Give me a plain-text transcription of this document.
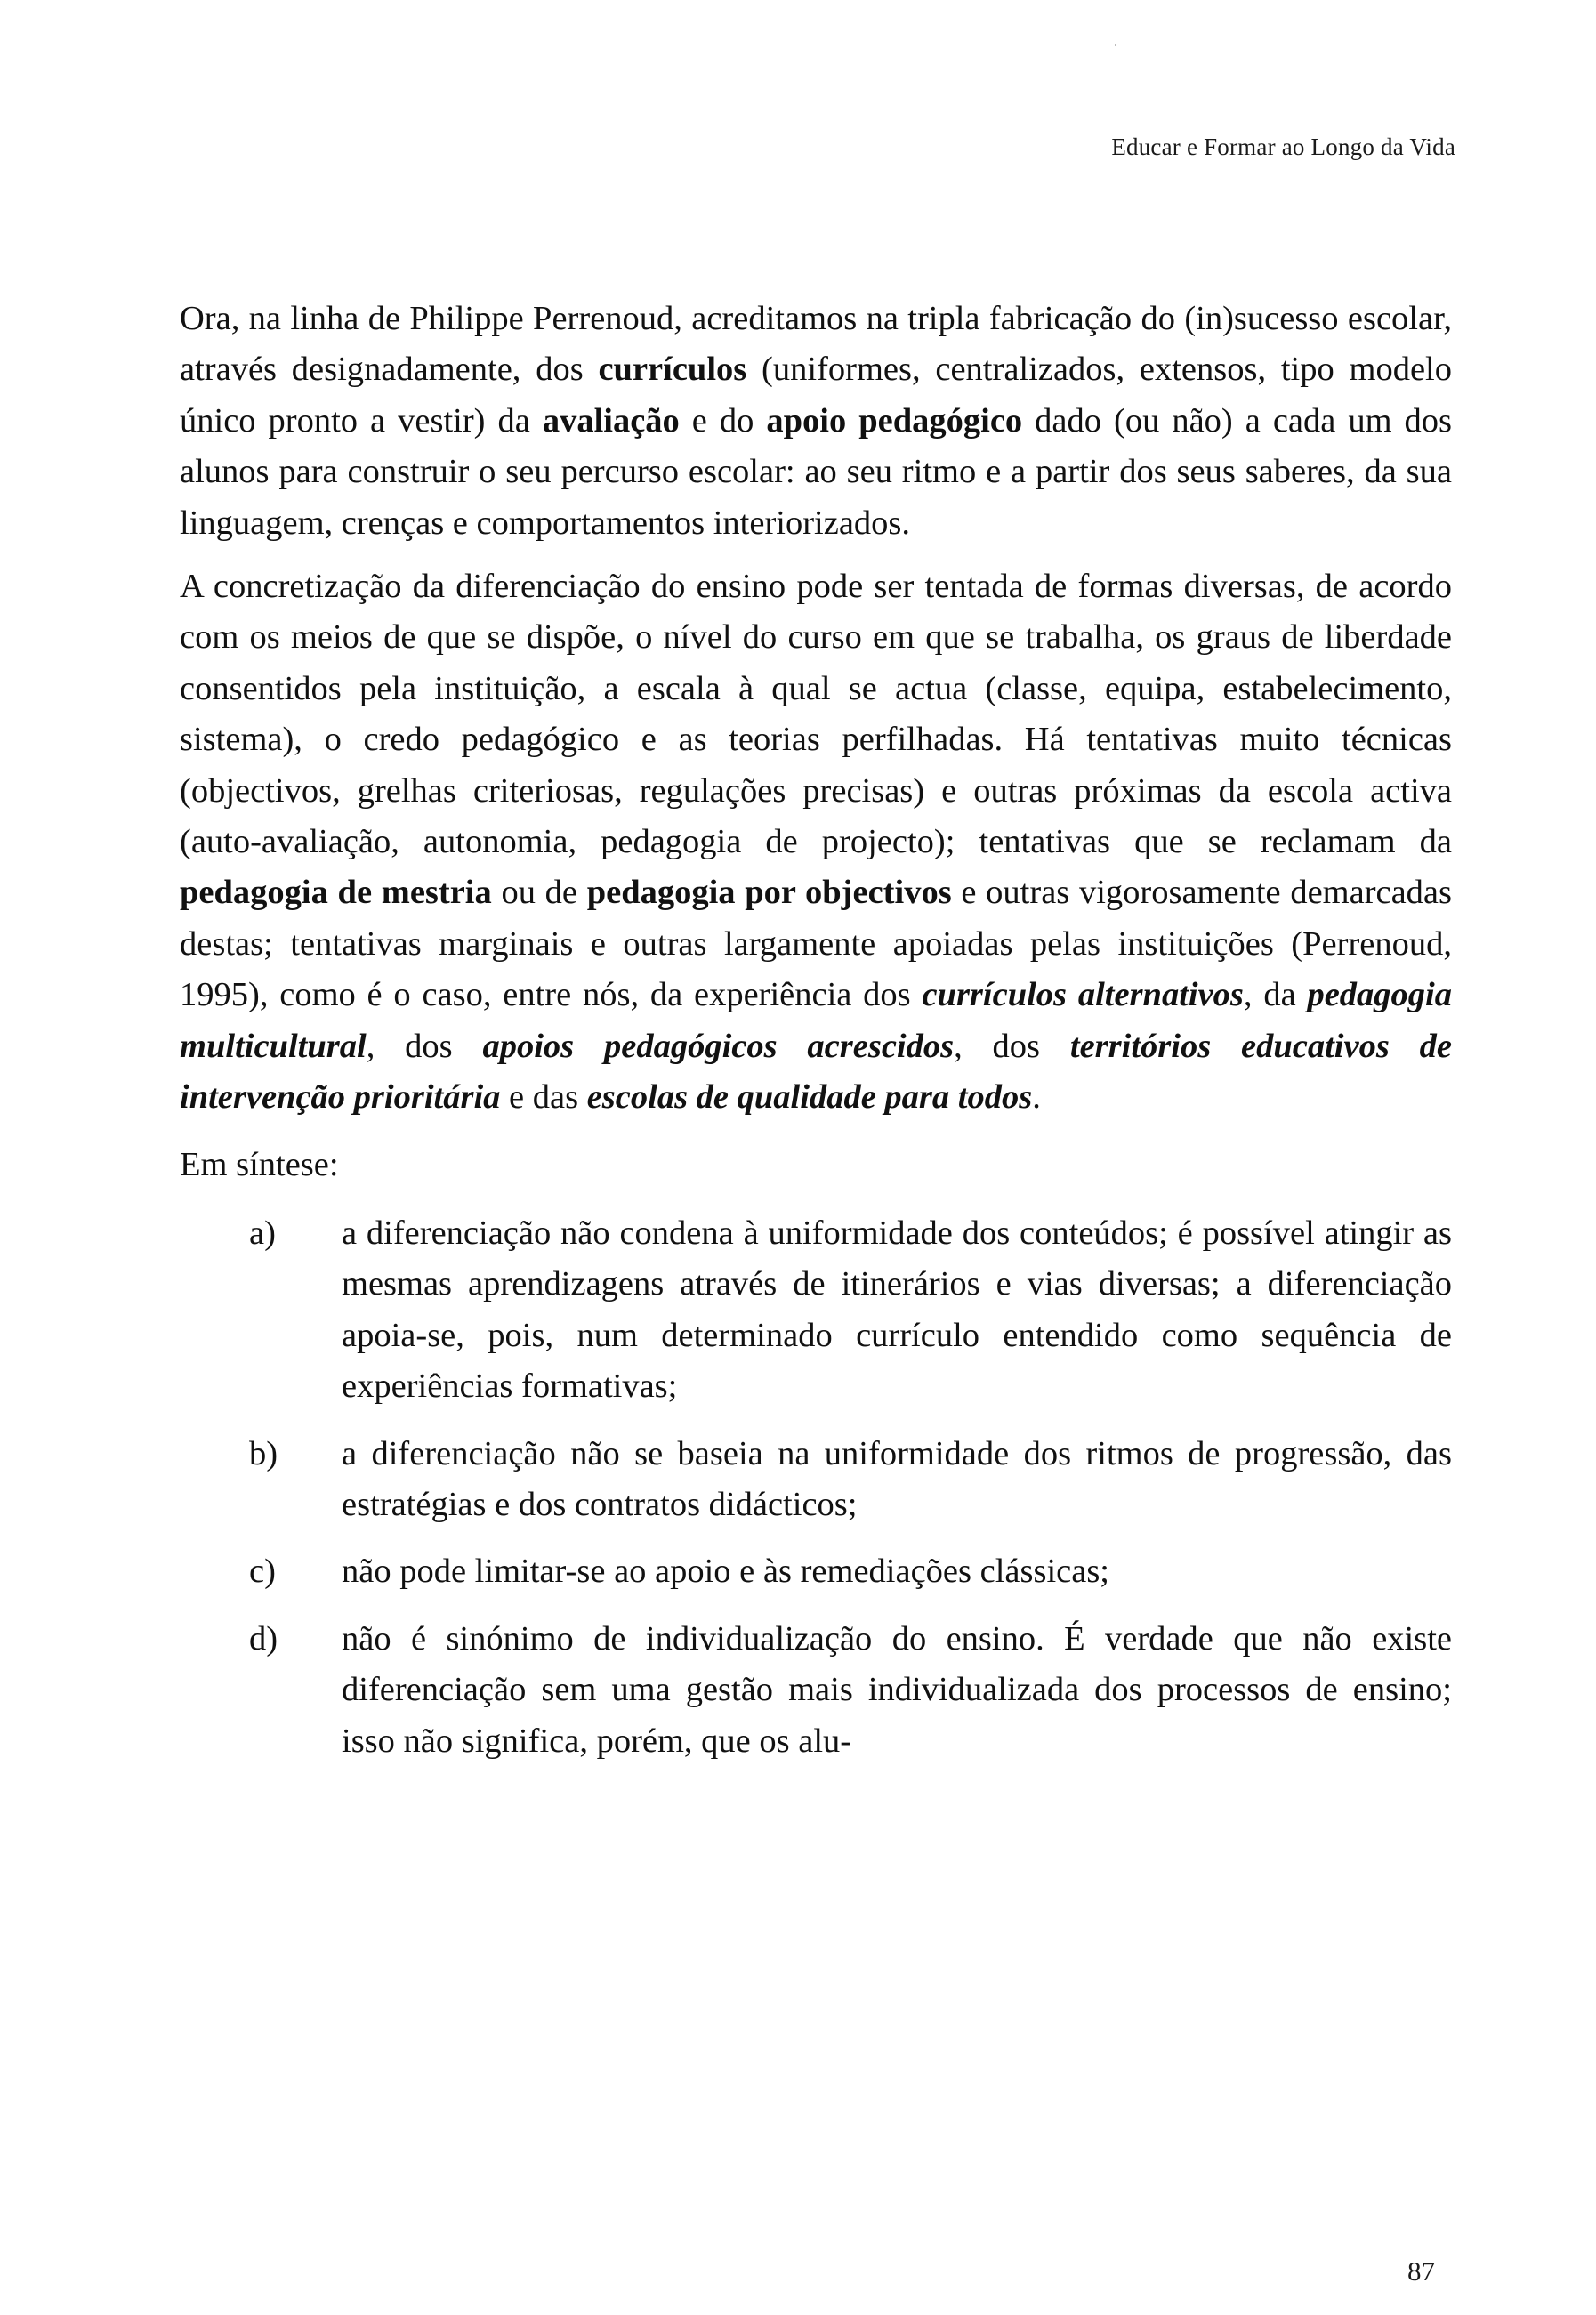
Educar e Formar ao Longo da Vida

Ora, na linha de Philippe Perrenoud, acreditamos na tripla fabricação do (in)sucesso escolar, através designadamente, dos currículos (uniformes, centralizados, extensos, tipo modelo único pronto a vestir) da avaliação e do apoio pedagógico dado (ou não) a cada um dos alunos para construir o seu percurso escolar: ao seu ritmo e a partir dos seus saberes, da sua linguagem, crenças e comportamentos interiorizados.

A concretização da diferenciação do ensino pode ser tentada de formas diversas, de acordo com os meios de que se dispõe, o nível do curso em que se trabalha, os graus de liberdade consentidos pela instituição, a escala à qual se actua (classe, equipa, estabelecimento, sistema), o credo pedagógico e as teorias perfilhadas. Há tentativas muito técnicas (objectivos, grelhas criteriosas, regulações precisas) e outras próximas da escola activa (auto-avaliação, autonomia, pedagogia de projecto); tentativas que se reclamam da pedagogia de mestria ou de pedagogia por objectivos e outras vigorosamente demarcadas destas; tentativas marginais e outras largamente apoiadas pelas instituições (Perrenoud, 1995), como é o caso, entre nós, da experiência dos currículos alternativos, da pedagogia multicultural, dos apoios pedagógicos acrescidos, dos territórios educativos de intervenção prioritária e das escolas de qualidade para todos.

Em síntese:

a) a diferenciação não condena à uniformidade dos conteúdos; é possível atingir as mesmas aprendizagens através de itinerários e vias diversas; a diferenciação apoia-se, pois, num determinado currículo entendido como sequência de experiências formativas;
b) a diferenciação não se baseia na uniformidade dos ritmos de progressão, das estratégias e dos contratos didácticos;
c) não pode limitar-se ao apoio e às remediações clássicas;
d) não é sinónimo de individualização do ensino. É verdade que não existe diferenciação sem uma gestão mais individualizada dos processos de ensino; isso não significa, porém, que os alu-
87
